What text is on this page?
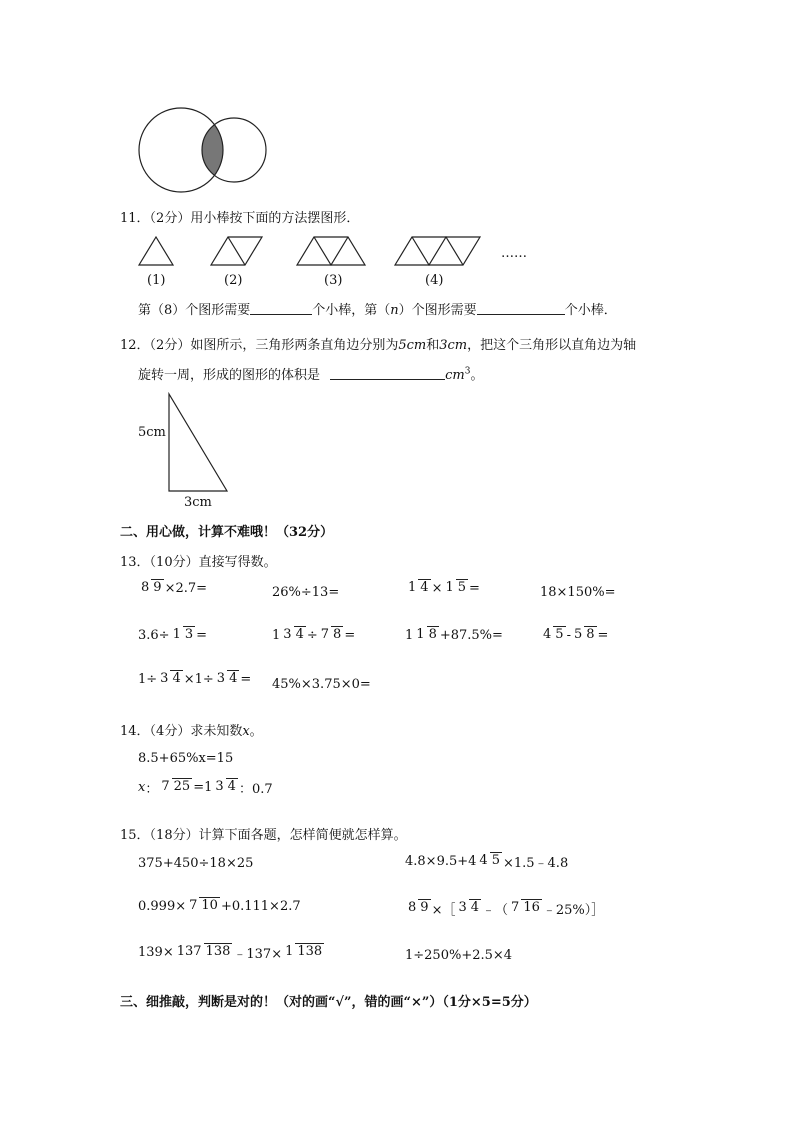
11．（2分）用小棒按下面的方法摆图形．
(1)	(2)	(3)	(4)
……
第（8）个图形需要	个小棒，第（n）个图形需要	个小棒．
12．（2分）如图所示，三角形两条直角边分别为5cm和3cm，把这个三角形以直角边为轴
旋转一周，形成的图形的体积是	$cm^3$。
5cm
3cm
二、用心做，计算不难哦！（32分）
13．（10分）直接写得数。
8 9 ×2.7=	26%÷13=	1 4 × 1 5 =	18×150%=
3.6÷ 1 3 =	1 3 4 ÷ 7 8 =	1 1 8 +87.5%=	4 5 - 5 8 =
1÷ 3 4 ×1÷ 3 4 = 45%×3.75×0=
14．（4分）求未知数x。
8.5+65%x=15
x ： 7 25 = 1 3 4 ：0.7
15．（18分）计算下面各题，怎样简便就怎样算。
375+450÷18×25	4.8×9.5+4 4 5 ×1.5﹣4.8
0.999× 7 10 +0.111×2.7	8 9 ×［ 3 4 ﹣（ 7 16 ﹣25%）］
139× 137 138 ﹣137× 1 138	1÷250%+2.5×4
三、细推敲，判断是对的！（对的画“√”，错的画“×”）（1分×5=5分）
